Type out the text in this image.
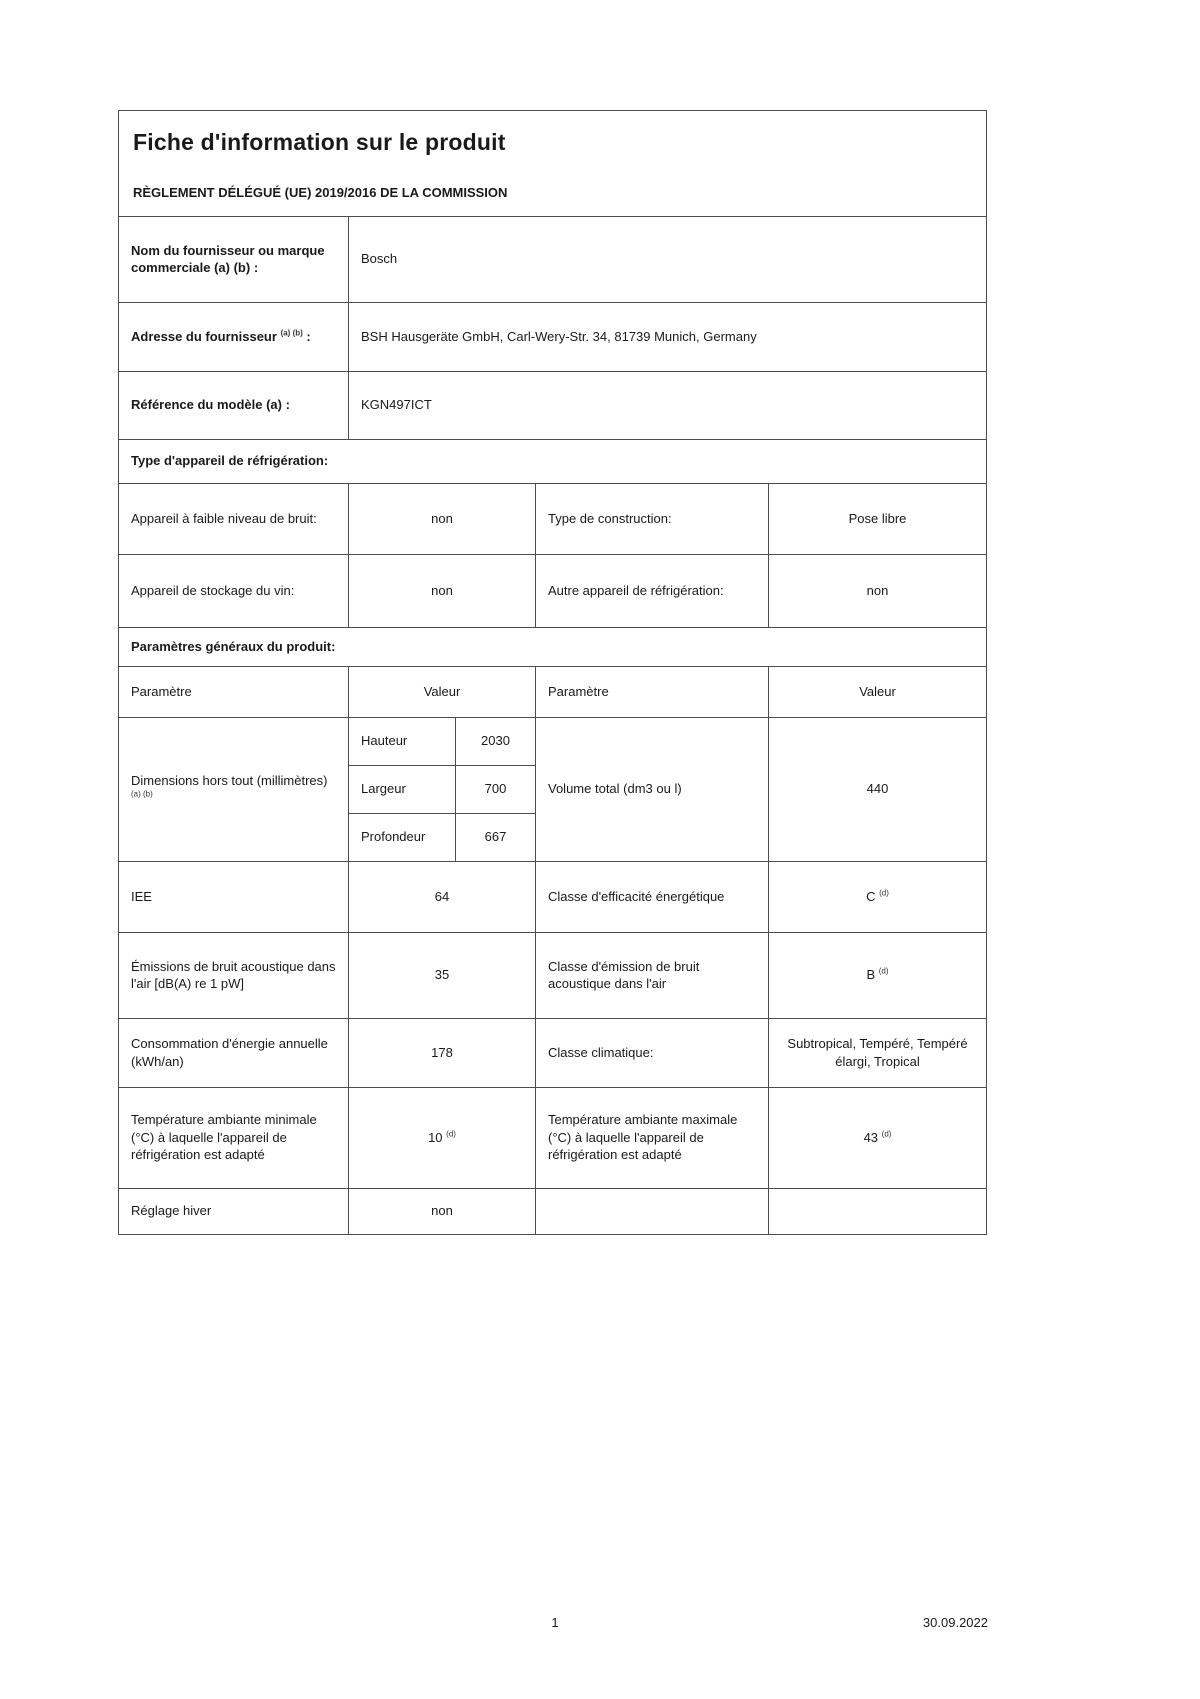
Fiche d'information sur le produit
RÈGLEMENT DÉLÉGUÉ (UE) 2019/2016 DE LA COMMISSION				

Nom du fournisseur ou marque commerciale (a) (b) :	Bosch			
Adresse du fournisseur $^{(a) (b)}$ :	BSH Hausgeräte GmbH, Carl-Wery-Str. 34, 81739 Munich, Germany			
Référence du modèle (a) :	KGN497ICT			
Type d'appareil de réfrigération:				
Appareil à faible niveau de bruit:	non		Type de construction:	Pose libre
Appareil de stockage du vin:	non		Autre appareil de réfrigération:	non
Paramètres généraux du produit:				
Paramètre	Valeur		Paramètre	Valeur
Dimensions hors tout (millimètres) $^{(a) (b)}$	Hauteur	2030	Volume total (dm3 ou l)	440
	Largeur	700		
	Profondeur	667		
IEE	64		Classe d'efficacité énergétique	C $^{(d)}$
Émissions de bruit acoustique dans l'air [dB(A) re 1 pW]	35		Classe d'émission de bruit acoustique dans l'air	B $^{(d)}$
Consommation d'énergie annuelle (kWh/an)	178		Classe climatique:	Subtropical, Tempéré, Tempéré élargi, Tropical
Température ambiante minimale (°C) à laquelle l'appareil de réfrigération est adapté	10 $^{(d)}$		Température ambiante maximale (°C) à laquelle l'appareil de réfrigération est adapté	43 $^{(d)}$
Réglage hiver	non			
1	30.09.2022
